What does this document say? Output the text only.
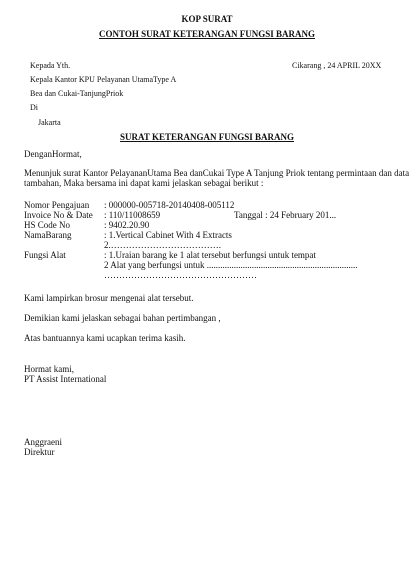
KOP SURAT
CONTOH SURAT KETERANGAN FUNGSI BARANG
Kepada Yth.	Cikarang , 24 APRIL 20XX
Kepala Kantor KPU Pelayanan UtamaType A
Bea dan Cukai-TanjungPriok
Di
Jakarta
SURAT KETERANGAN FUNGSI BARANG
DenganHormat,
Menunjuk surat Kantor PelayananUtama Bea danCukai Type A Tanjung Priok tentang permintaan dan data
tambahan, Maka bersama ini dapat kami jelaskan sebagai berikut :
Nomor Pengajuan : 000000-005718-20140408-005112
Invoice No & Date : 110/11008659	Tanggal : 24 February 201...
HS Code No	: 9402.20.90
NamaBarang	: 1.Vertical Cabinet With 4 Extracts
2.……………………………….
Fungsi Alat	: 1.Uraian barang ke 1 alat tersebut berfungsi untuk tempat
2 Alat yang berfungsi untuk ...................................................................
……………………………………………
Kami lampirkan brosur mengenai alat tersebut.
Demikian kami jelaskan sebagai bahan pertimbangan ,
Atas bantuannya kami ucapkan terima kasih.
Hormat kami,
PT Assist International
Anggraeni
Direktur
